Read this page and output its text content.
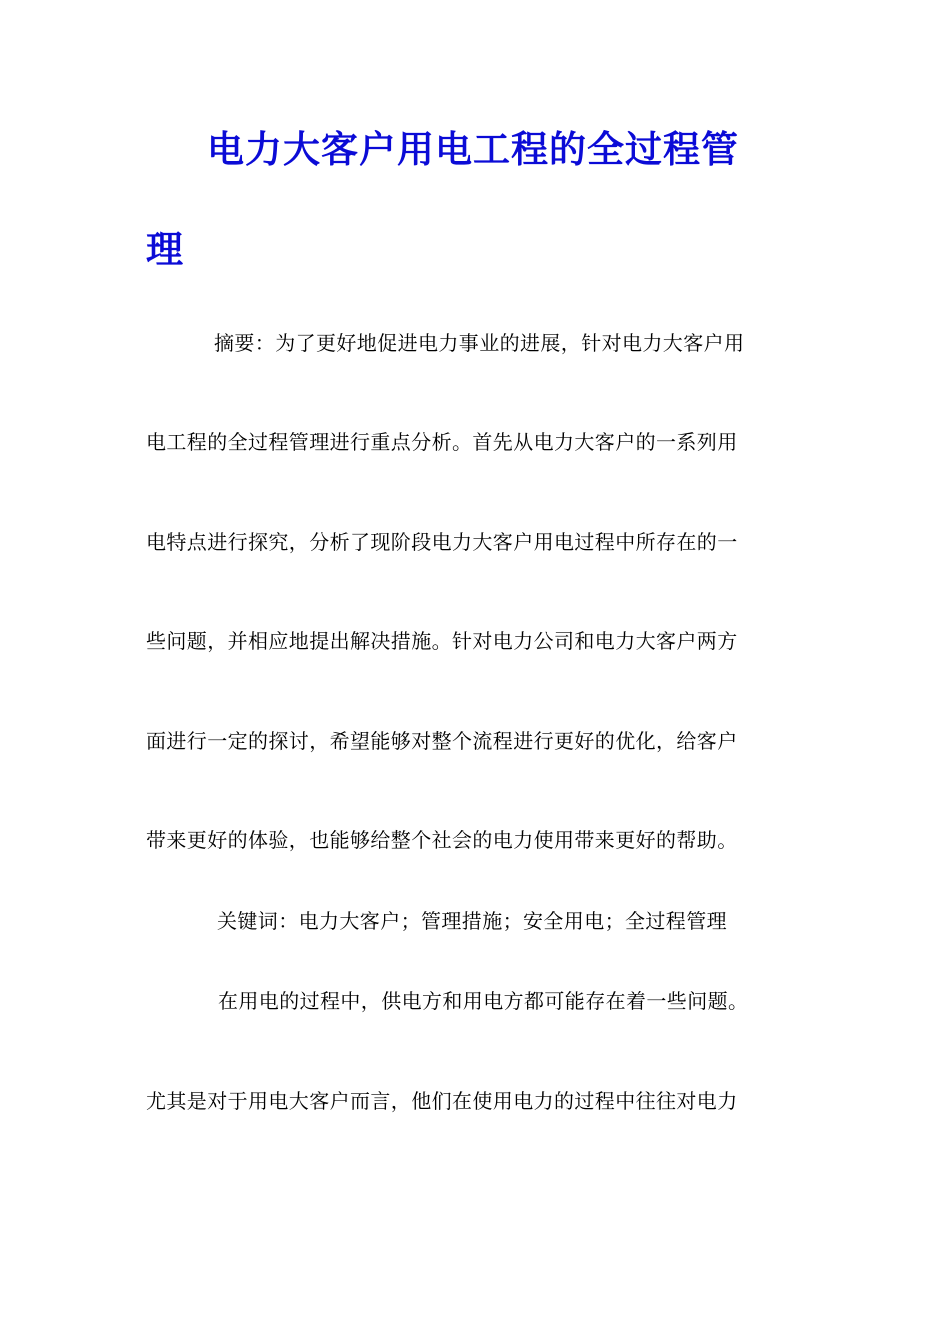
电力大客户用电工程的全过程管
理
摘要：为了更好地促进电力事业的进展，针对电力大客户用
电工程的全过程管理进行重点分析。首先从电力大客户的一系列用
电特点进行探究，分析了现阶段电力大客户用电过程中所存在的一
些问题，并相应地提出解决措施。针对电力公司和电力大客户两方
面进行一定的探讨，希望能够对整个流程进行更好的优化，给客户
带来更好的体验，也能够给整个社会的电力使用带来更好的帮助。
关键词：电力大客户；管理措施；安全用电；全过程管理
在用电的过程中，供电方和用电方都可能存在着一些问题。
尤其是对于用电大客户而言，他们在使用电力的过程中往往对电力
